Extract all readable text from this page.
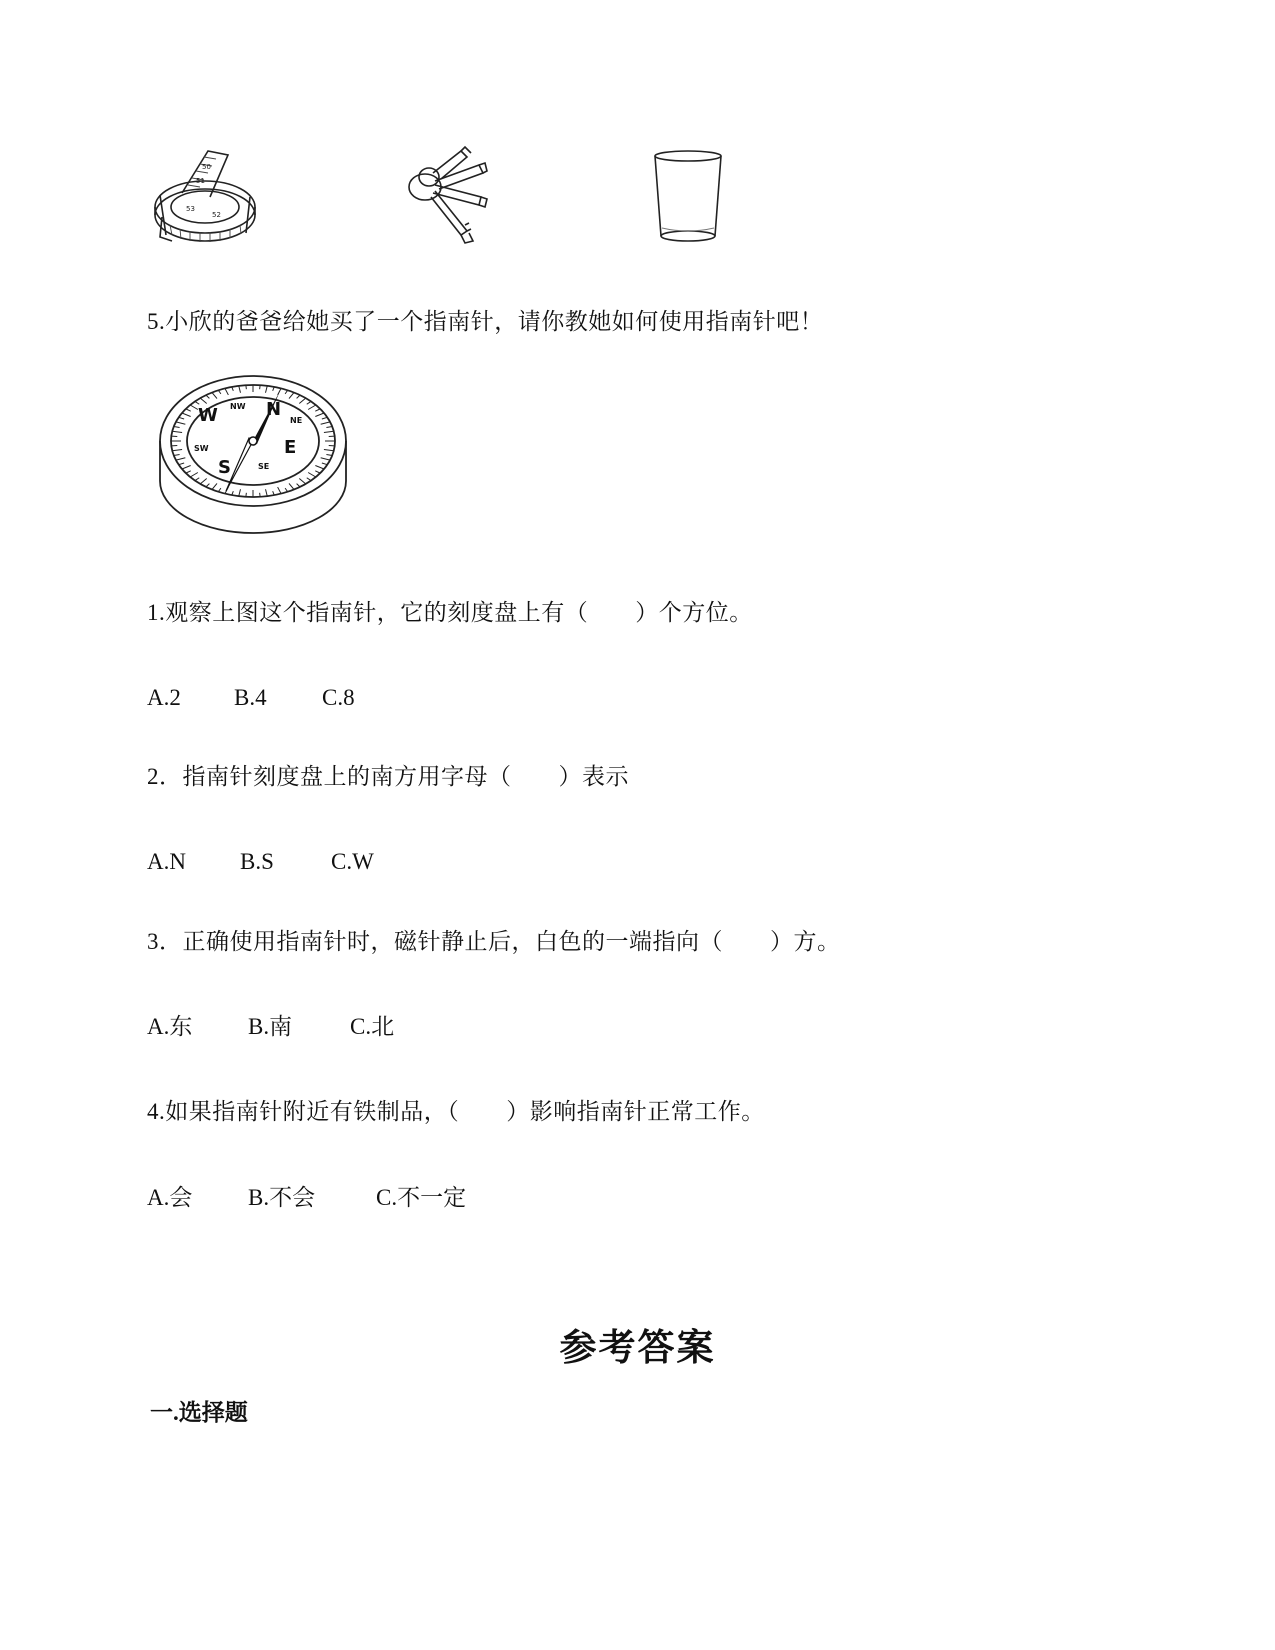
50
51
52
53
5.小欣的爸爸给她买了一个指南针，请你教她如何使用指南针吧！
N
W
E
S
NW
NE
SW
SE
1.观察上图这个指南针，它的刻度盘上有（　　）个方位。
A.2 B.4 C.8
2．指南针刻度盘上的南方用字母（　　）表示
A.N B.S C.W
3．正确使用指南针时，磁针静止后，白色的一端指向（　　）方。
A.东 B.南	C.北
4.如果指南针附近有铁制品，（　　）影响指南针正常工作。
A.会 B.不会	C.不一定
参考答案
一.选择题
